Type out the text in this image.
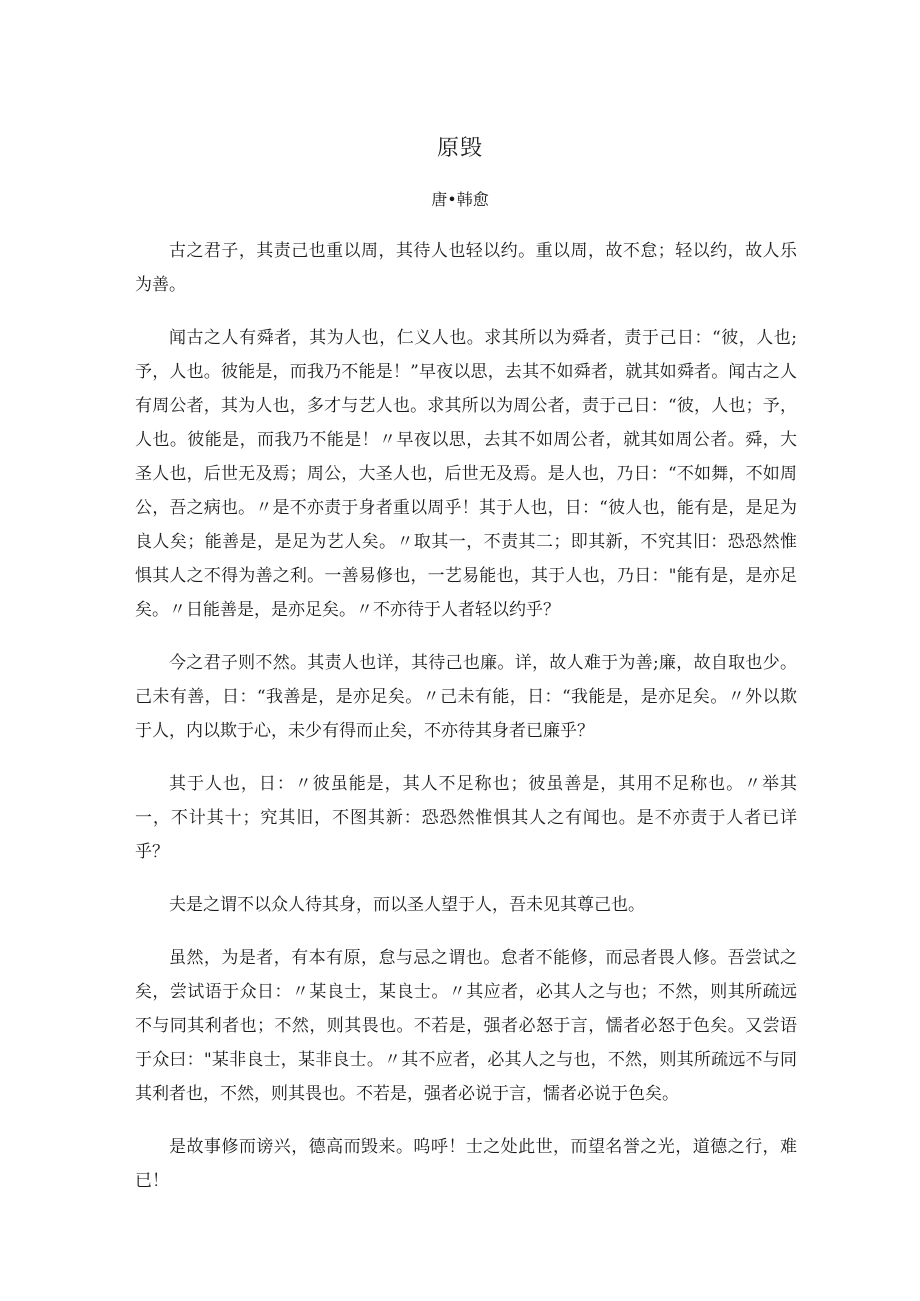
原毁
唐•韩愈

古之君子，其责己也重以周，其待人也轻以约。重以周，故不怠；轻以约，故人乐为善。

闻古之人有舜者，其为人也，仁义人也。求其所以为舜者，责于己日：“彼，人也;予，人也。彼能是，而我乃不能是！”早夜以思，去其不如舜者，就其如舜者。闻古之人有周公者，其为人也，多才与艺人也。求其所以为周公者，责于己日：“彼，人也；予，人也。彼能是，而我乃不能是！〃早夜以思，去其不如周公者，就其如周公者。舜，大圣人也，后世无及焉；周公，大圣人也，后世无及焉。是人也，乃日：“不如舞，不如周公，吾之病也。〃是不亦责于身者重以周乎！其于人也，日：“彼人也，能有是，是足为良人矣；能善是，是足为艺人矣。〃取其一，不责其二；即其新，不究其旧：恐恐然惟惧其人之不得为善之利。一善易修也，一艺易能也，其于人也，乃日："能有是，是亦足矣。〃日能善是，是亦足矣。〃不亦待于人者轻以约乎？

今之君子则不然。其责人也详，其待己也廉。详，故人难于为善;廉，故自取也少。己未有善，日：“我善是，是亦足矣。〃己未有能，日：“我能是，是亦足矣。〃外以欺于人，内以欺于心，未少有得而止矣，不亦待其身者已廉乎？

其于人也，日：〃彼虽能是，其人不足称也；彼虽善是，其用不足称也。〃举其一，不计其十；究其旧，不图其新：恐恐然惟惧其人之有闻也。是不亦责于人者已详乎？

夫是之谓不以众人待其身，而以圣人望于人，吾未见其尊己也。

虽然，为是者，有本有原，怠与忌之谓也。怠者不能修，而忌者畏人修。吾尝试之矣，尝试语于众日：〃某良士，某良士。〃其应者，必其人之与也；不然，则其所疏远不与同其利者也；不然，则其畏也。不若是，强者必怒于言，懦者必怒于色矣。又尝语于众曰："某非良士，某非良士。〃其不应者，必其人之与也，不然，则其所疏远不与同其利者也，不然，则其畏也。不若是，强者必说于言，懦者必说于色矣。

是故事修而谤兴，德高而毁来。呜呼！士之处此世，而望名誉之光，道德之行，难已！
